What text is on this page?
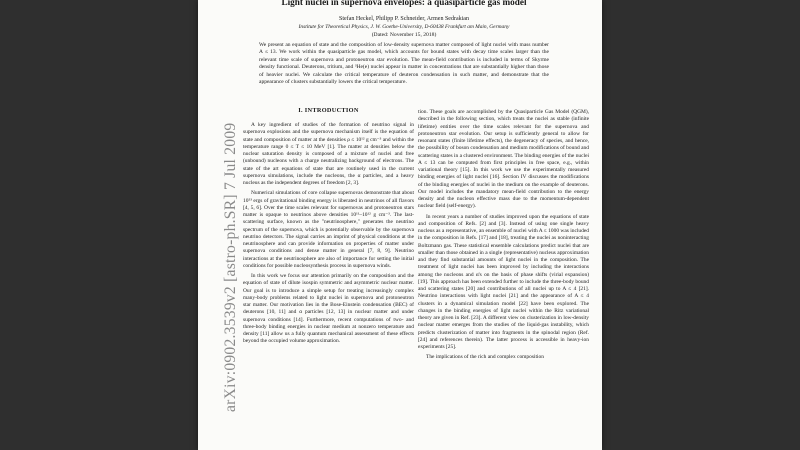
arXiv:0902.3539v2 [astro-ph.SR] 7 Jul 2009
Light nuclei in supernova envelopes: a quasiparticle gas model
Stefan Heckel, Philipp P. Schneider, Armen Sedrakian
Institute for Theoretical Physics, J. W. Goethe-University, D-60438 Frankfurt am Main, Germany
(Dated: November 15, 2018)

We present an equation of state and the composition of low-density supernova matter composed of light nuclei with mass number A ≤ 13. We work within the quasiparticle gas model, which accounts for bound states with decay time scales larger than the relevant time scale of supernova and protoneutron star evolution. The mean-field contribution is included in terms of Skyrme density functional. Deuterons, tritium, and ³He(e) nuclei appear in matter in concentrations that are substantially higher than those of heavier nuclei. We calculate the critical temperature of deuteron condensation in such matter, and demonstrate that the appearance of clusters substantially lowers the critical temperature.

I. INTRODUCTION

A key ingredient of studies of the formation of neutrino signal in supernova explosions and the supernova mechanism itself is the equation of state and composition of matter at the densities ρ ≤ 10¹² g cm⁻³ and within the temperature range 0 ≤ T ≤ 10 MeV [1]. The matter at densities below the nuclear saturation density is composed of a mixture of nuclei and free (unbound) nucleons with a charge neutralizing background of electrons. The state of the art equations of state that are routinely used in the current supernova simulations, include the nucleons, the α particles, and a heavy nucleus as the independent degrees of freedom [2, 3].

Numerical simulations of core collapse supernovas demonstrate that about 10⁵³ ergs of gravitational binding energy is liberated in neutrinos of all flavors [4, 5, 6]. Over the time scales relevant for supernovas and protoneutron stars matter is opaque to neutrinos above densities 10¹¹–10¹² g cm⁻³. The last-scattering surface, known as the "neutrinosphere," generates the neutrino spectrum of the supernova, which is potentially observable by the supernova neutrino detectors. The signal carries an imprint of physical conditions at the neutrinosphere and can provide information on properties of matter under supernova conditions and dense matter in general [7, 8, 9]. Neutrino interactions at the neutrinosphere are also of importance for setting the initial conditions for possible nucleosynthesis process in supernova winds.

In this work we focus our attention primarily on the composition and the equation of state of dilute isospin symmetric and asymmetric nuclear matter. Our goal is to introduce a simple setup for treating increasingly complex many-body problems related to light nuclei in supernova and protoneutron star matter. Our motivation lies in the Bose-Einstein condensation (BEC) of deuterons [10, 11] and α particles [12, 13] in nuclear matter and under supernova conditions [14]. Furthermore, recent computations of two- and three-body binding energies in nuclear medium at nonzero temperature and density [11] allow us a fully quantum mechanical assessment of these effects beyond the occupied volume approximation.

tion. These goals are accomplished by the Quasiparticle Gas Model (QGM), described in the following section, which treats the nuclei as stable (infinite lifetime) entities over the time scales relevant for the supernova and protoneutron star evolution. Our setup is sufficiently general to allow for resonant states (finite lifetime effects), the degeneracy of species, and hence, the possibility of boson condensation and medium modifications of bound and scattering states in a clustered environment. The binding energies of the nuclei A ≤ 13 can be computed from first principles in free space, e.g., within variational theory [15]. In this work we use the experimentally measured binding energies of light nuclei [16]. Section IV discusses the modifications of the binding energies of nuclei in the medium on the example of deuterons. Our model includes the mandatory mean-field contribution to the energy density and the nucleon effective mass due to the momentum-dependent nuclear field (self-energy).

In recent years a number of studies improved upon the equations of state and composition of Refs. [2] and [3]. Instead of using one single heavy nucleus as a representative, an ensemble of nuclei with A ≤ 1000 was included in the composition in Refs. [17] and [18], treating the nuclei as noninteracting Boltzmann gas. These statistical ensemble calculations predict nuclei that are smaller than those obtained in a single (representative) nucleus approximation and they find substantial amounts of light nuclei in the composition. The treatment of light nuclei has been improved by including the interactions among the nucleons and α's on the basis of phase shifts (virial expansion) [19]. This approach has been extended further to include the three-body bound and scattering states [20] and contributions of all nuclei up to A ≤ 4 [21]. Neutrino interactions with light nuclei [21] and the appearance of A ≤ 4 clusters in a dynamical simulation model [22] have been explored. The changes in the binding energies of light nuclei within the Ritz variational theory are given in Ref. [23]. A different view on clusterization in low-density nuclear matter emerges from the studies of the liquid-gas instability, which predicts clusterization of matter into fragments in the spinodal region (Ref. [24] and references therein). The latter process is accessible in heavy-ion experiments [25].

The implications of the rich and complex composition
